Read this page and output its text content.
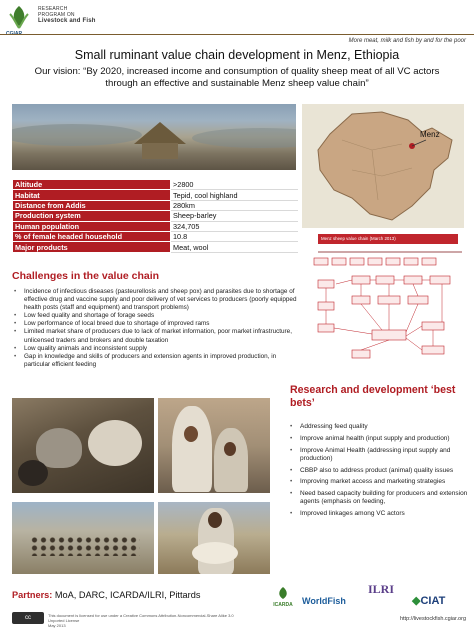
RESEARCH
PROGRAM ON
Livestock and Fish
More meat, milk and fish by and for the poor
Small ruminant value chain development in Menz, Ethiopia
Our vision: “By 2020, increased income and consumption of quality sheep meat of all VC actors through an effective and sustainable Menz sheep value chain”
Menz
Altitude	>2800
Habitat	Tepid, cool highland
Distance from Addis	280km
Production system	Sheep-barley
Human population	324,705
% of female headed household	10.8
Major products	Meat, wool
Menz sheep value chain (March 2013)
Challenges in the value chain
• Incidence of infectious diseases (pasteurellosis and sheep pox) and parasites due to shortage of effective drug and vaccine supply and poor delivery of vet services to producers (poorly equipped health posts (staff and equipment) and transport problems)
• Low feed quality and shortage of forage seeds
• Low performance of local breed due to shortage of improved rams
• Limited market share of producers due to lack of market information, poor market infrastructure, unlicensed traders and brokers and double taxation
• Low quality animals and inconsistent supply
• Gap in knowledge and skills of producers and extension agents in improved production, in particular efficient feeding
Research and development ‘best bets’
• Addressing feed quality
• Improve animal health (input supply and production)
• Improve Animal Health (addressing input supply and production)
• CBBP also to address product (animal) quality issues
• Improving market access and marketing strategies
• Need based capacity building for producers and extension agents (emphasis on feeding,
• Improved linkages among VC actors
Partners: MoA, DARC, ICARDA/ILRI, Pittards
ICARDA WorldFish
ILRI
◆CIAT
cc	This document is licensed for use under a Creative Commons Attribution-Noncommercial-Share Alike 3.0 Unported License
May 2013
http://livestockfish.cgiar.org
